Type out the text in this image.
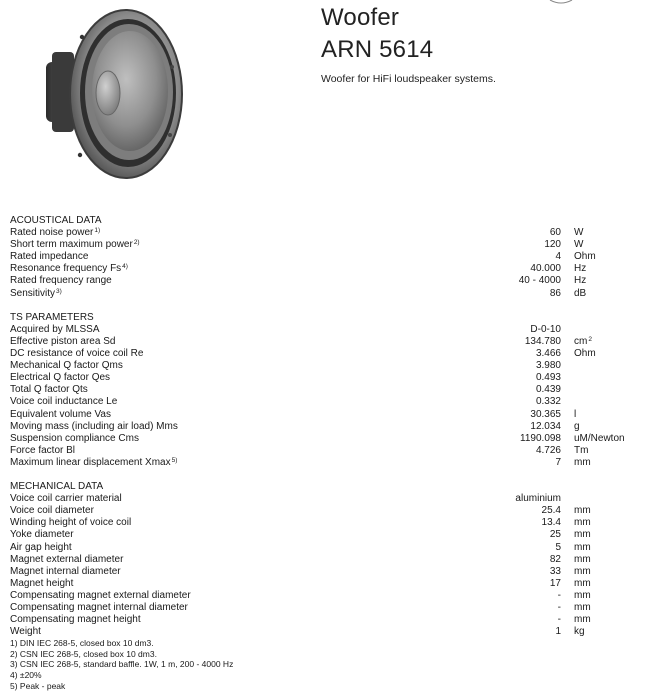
Woofer
ARN 5614
Woofer for HiFi loudspeaker systems.
ACOUSTICAL DATA
Rated noise power$^{1)}$	60 W
Short term maximum power$^{2)}$	120 W
Rated impedance	4 Ohm
Resonance frequency Fs$^{4)}$	40.000 Hz
Rated frequency range	40 - 4000 Hz
Sensitivity$^{3)}$	86 dB
TS PARAMETERS
Acquired by MLSSA	D-0-10
Effective piston area Sd	134.780 $cm^2$
DC resistance of voice coil Re	3.466 Ohm
Mechanical Q factor Qms	3.980
Electrical Q factor Qes	0.493
Total Q factor Qts	0.439
Voice coil inductance Le	0.332
Equivalent volume Vas	30.365 l
Moving mass (including air load) Mms	12.034 g
Suspension compliance Cms	1190.098 uM/Newton
Force factor Bl	4.726 Tm
Maximum linear displacement Xmax$^{5)}$	7 mm
MECHANICAL DATA
Voice coil carrier material	aluminium
Voice coil diameter	25.4 mm
Winding height of voice coil	13.4 mm
Yoke diameter	25 mm
Air gap height	5 mm
Magnet external diameter	82 mm
Magnet internal diameter	33 mm
Magnet height	17 mm
Compensating magnet external diameter	- mm
Compensating magnet internal diameter	- mm
Compensating magnet height	- mm
Weight	1 kg
1) DIN IEC 268-5, closed box 10 dm3.
2) CSN IEC 268-5, closed box 10 dm3.
3) CSN IEC 268-5, standard baffle. 1W, 1 m, 200 - 4000 Hz
4) ±20%
5) Peak - peak
